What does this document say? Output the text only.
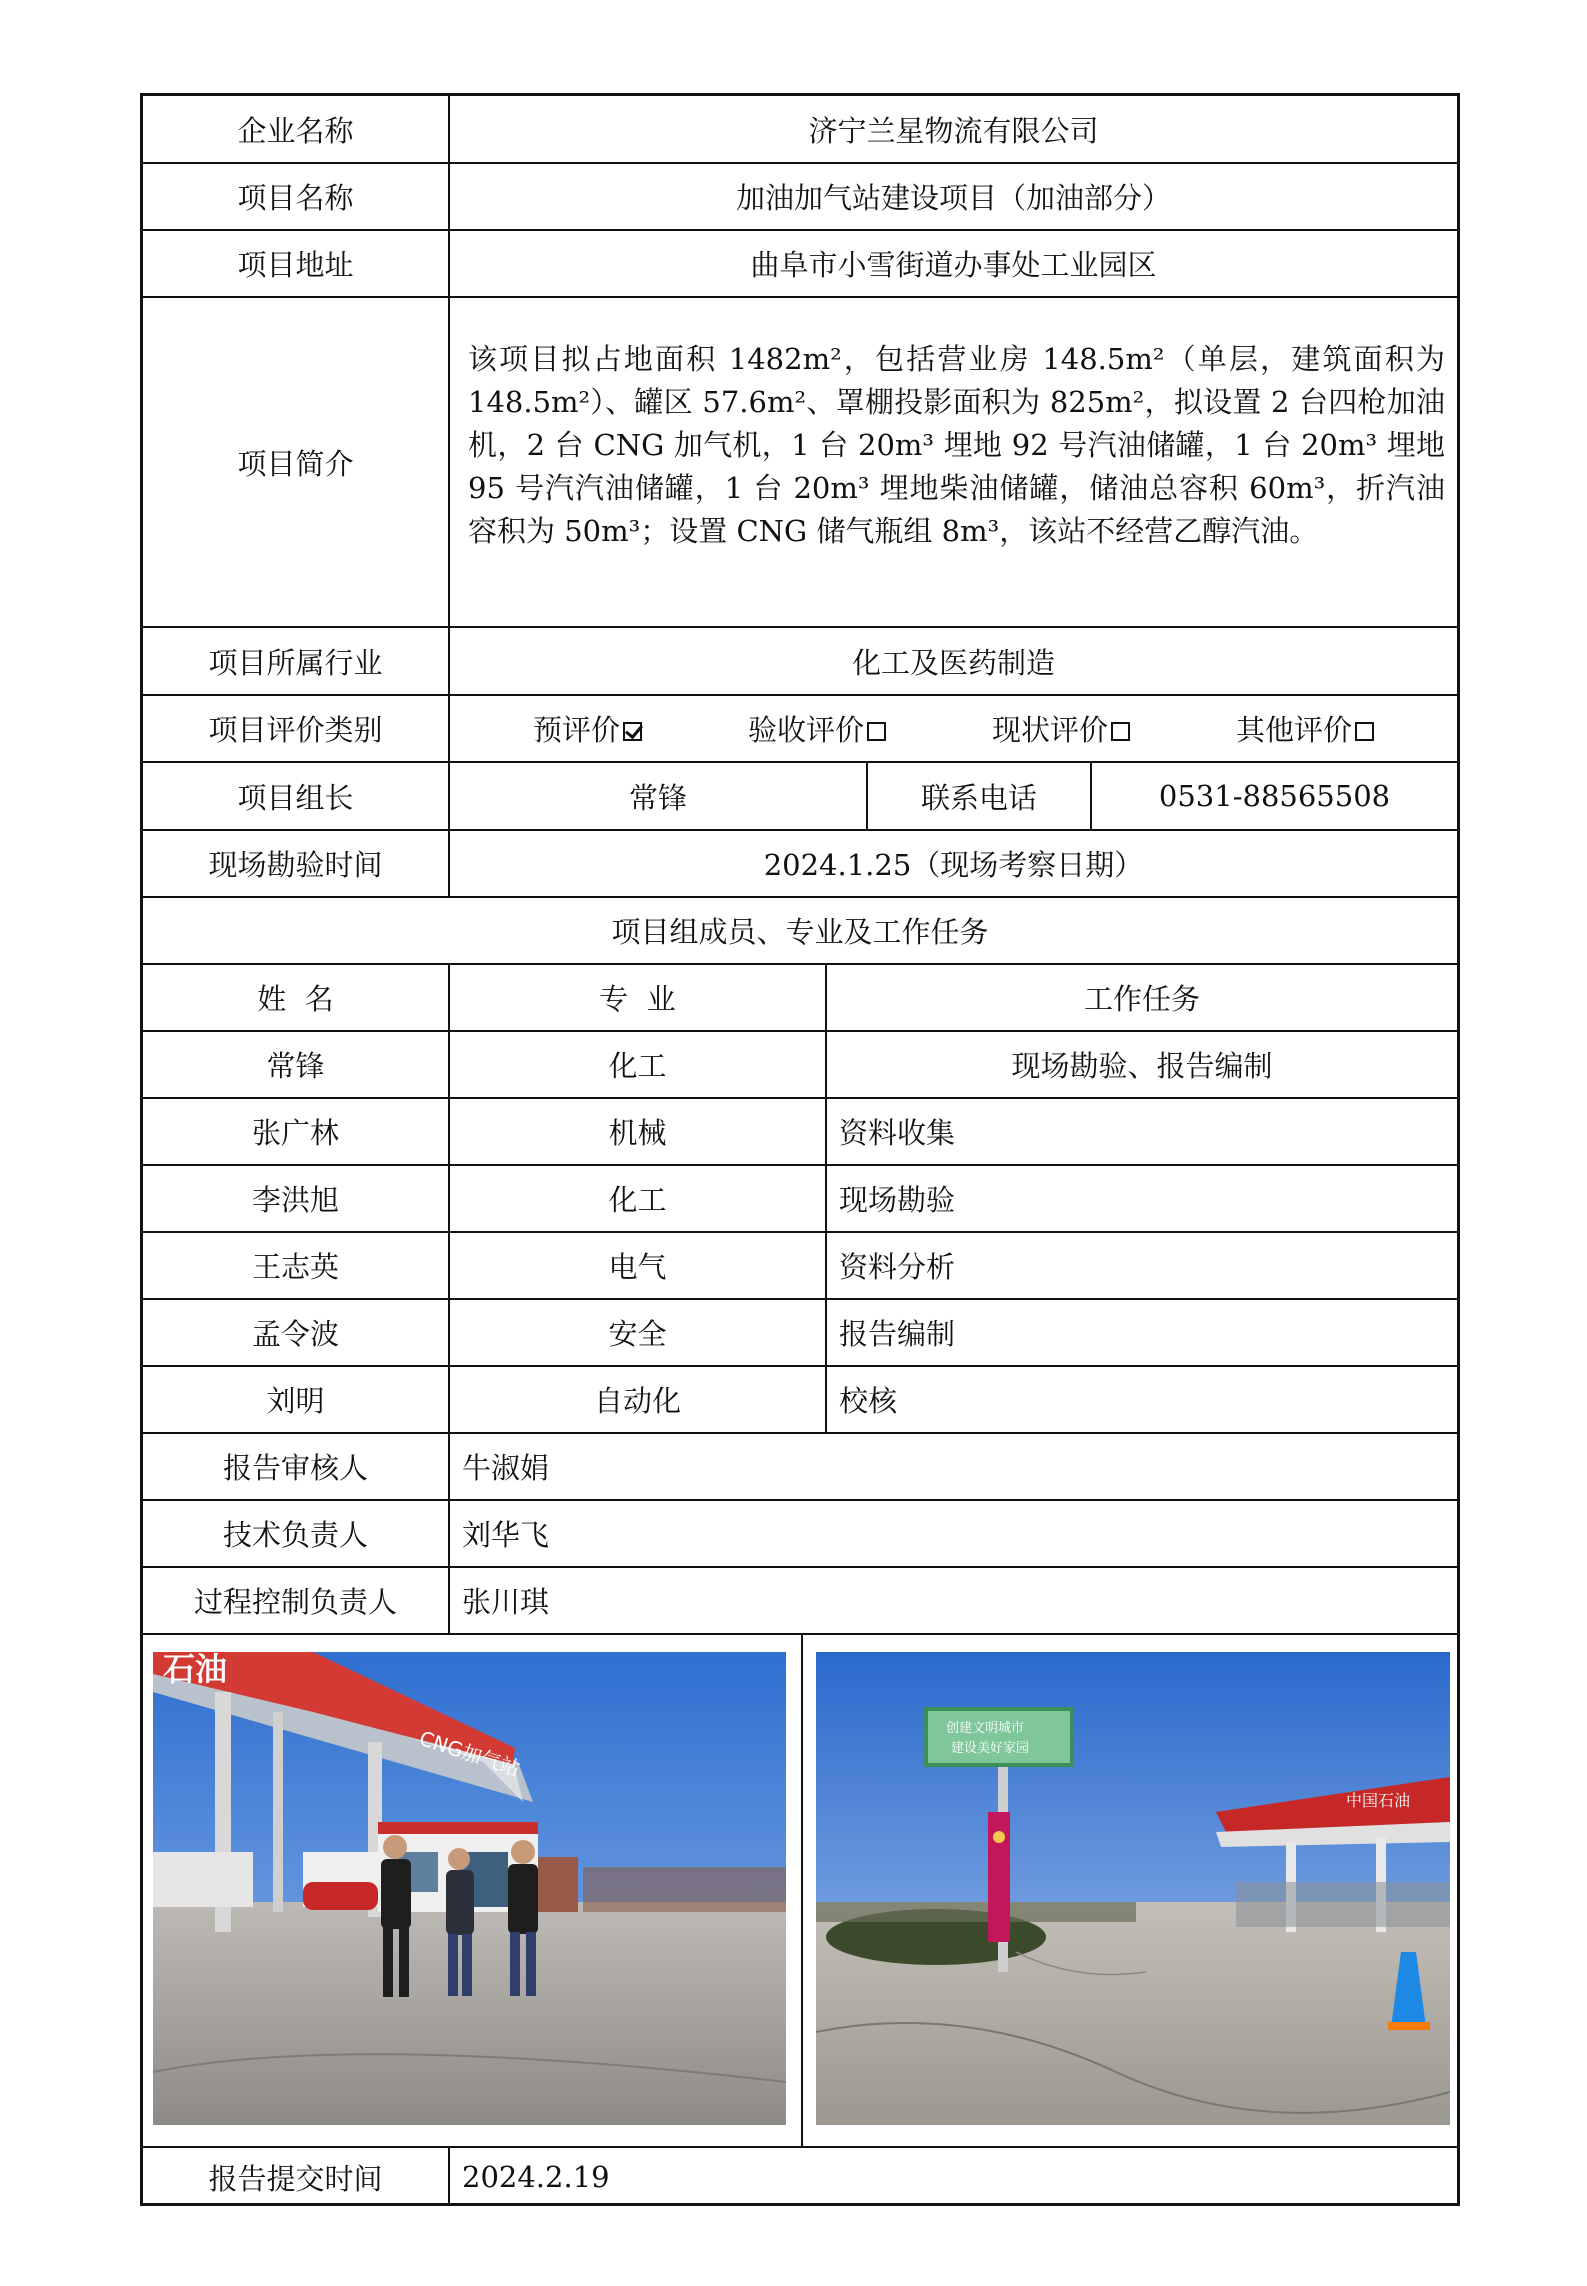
企业名称	济宁兰星物流有限公司
项目名称	加油加气站建设项目（加油部分）
项目地址	曲阜市小雪街道办事处工业园区
项目简介
该项目拟占地面积 1482m²，包括营业房 148.5m²（单层，建筑面积为 148.5m²）、罐区 57.6m²、罩棚投影面积为 825m²，拟设置 2 台四枪加油机，2 台 CNG 加气机，1 台 20m³ 埋地 92 号汽油储罐，1 台 20m³ 埋地 95 号汽汽油储罐，1 台 20m³ 埋地柴油储罐，储油总容积 60m³，折汽油容积为 50m³；设置 CNG 储气瓶组 8m³，该站不经营乙醇汽油。
项目所属行业	化工及医药制造
项目评价类别	预评价	验收评价	现状评价	其他评价
项目组长	常锋	联系电话	0531-88565508
现场勘验时间	2024.1.25（现场考察日期）
项目组成员、专业及工作任务
姓  名	专  业	工作任务
常锋	化工	现场勘验、报告编制
张广林	机械	资料收集
李洪旭	化工	现场勘验
王志英	电气	资料分析
孟令波	安全	报告编制
刘明	自动化	校核
报告审核人	牛淑娟
技术负责人	刘华飞
过程控制负责人	张川琪
石油
CNG加气站	创建文明城市
建设美好家园
中国石油
报告提交时间	2024.2.19
